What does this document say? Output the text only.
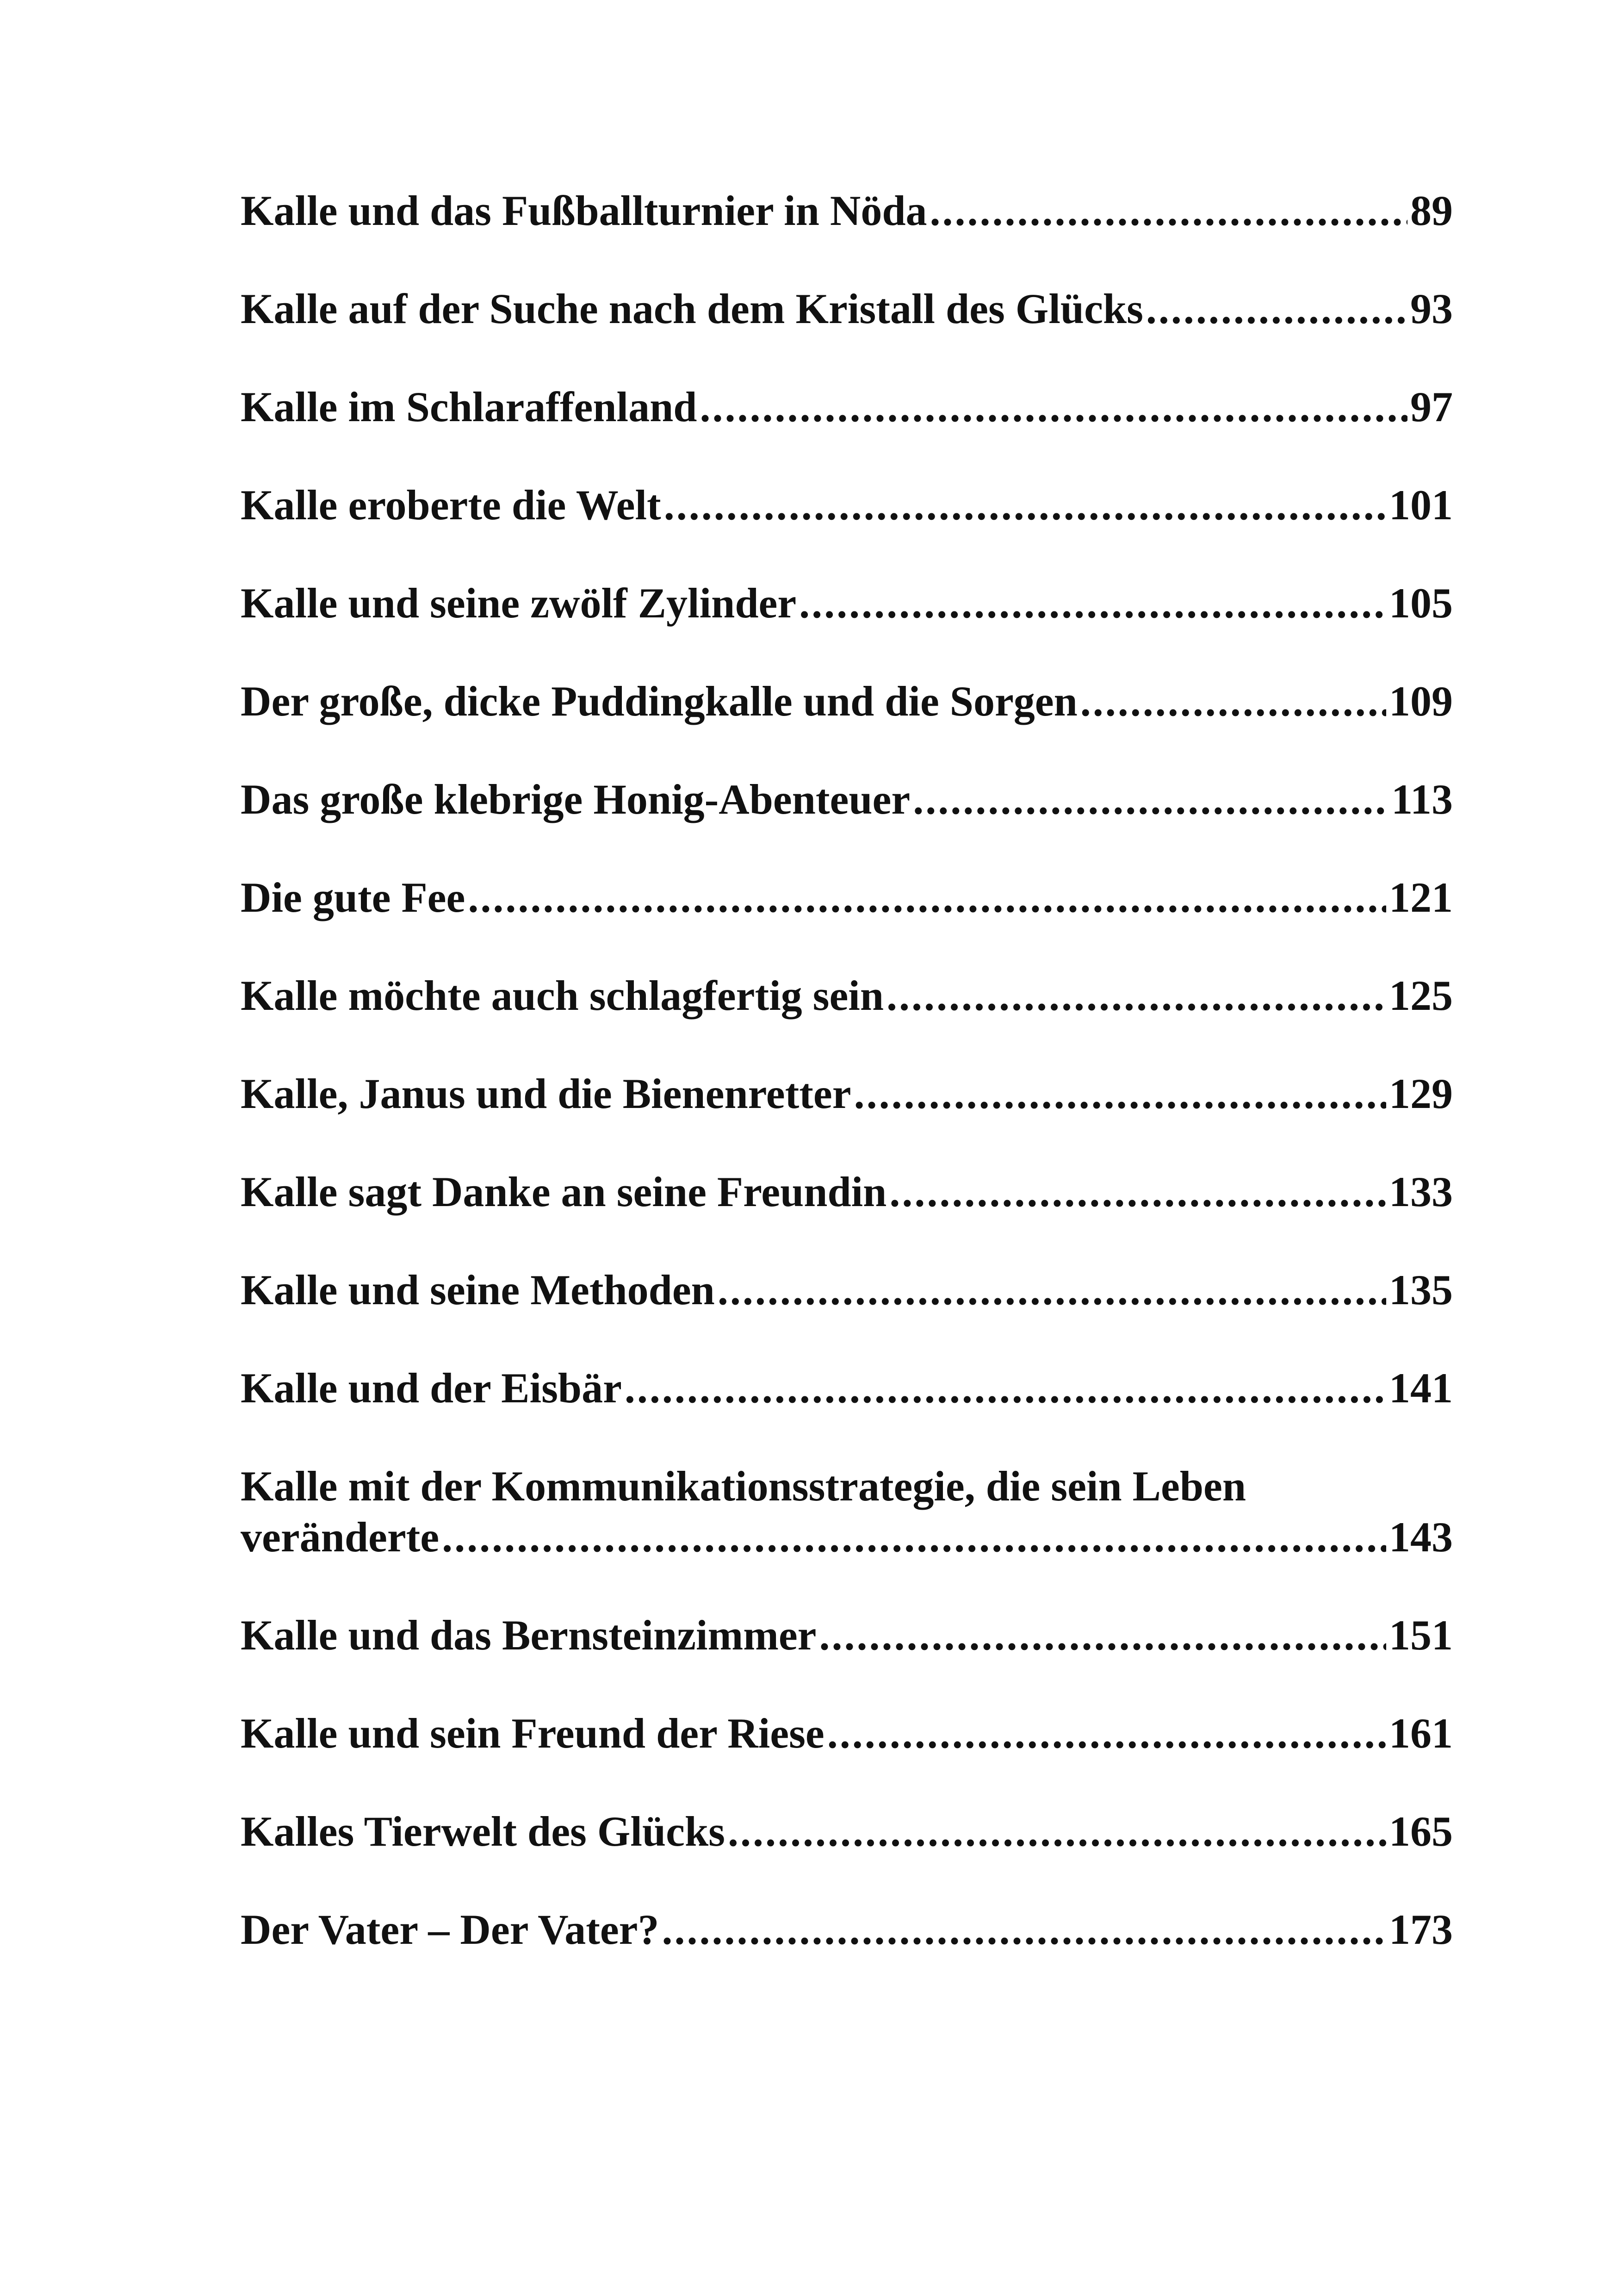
Kalle und das Fußballturnier in Nöda .....	89
Kalle auf der Suche nach dem Kristall des Glücks .....	93
Kalle im Schlaraffenland .....	97
Kalle eroberte die Welt .....	101
Kalle und seine zwölf Zylinder .....	105
Der große, dicke Puddingkalle und die Sorgen .....	109
Das große klebrige Honig-Abenteuer .....	113
Die gute Fee .....	121
Kalle möchte auch schlagfertig sein .....	125
Kalle, Janus und die Bienenretter .....	129
Kalle sagt Danke an seine Freundin .....	133
Kalle und seine Methoden .....	135
Kalle und der Eisbär .....	141
Kalle mit der Kommunikationsstrategie, die sein Leben
veränderte .....	143
Kalle und das Bernsteinzimmer .....	151
Kalle und sein Freund der Riese .....	161
Kalles Tierwelt des Glücks .....	165
Der Vater – Der Vater? .....	173
